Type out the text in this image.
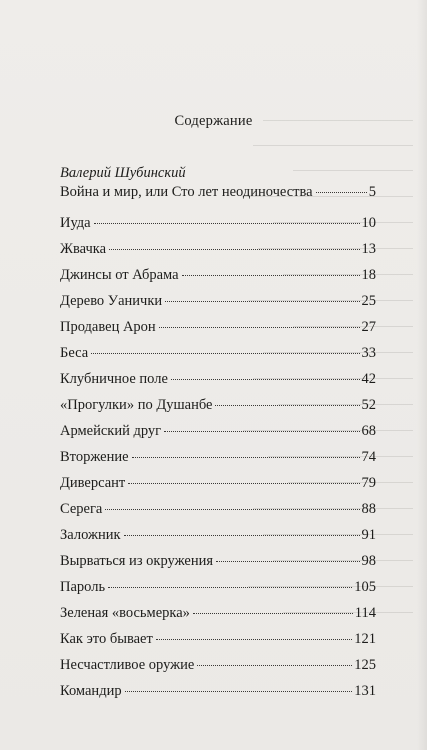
Содержание
Валерий Шубинский
Война и мир, или Сто лет неодиночества	5
Иуда	10
Жвачка	13
Джинсы от Абрама	18
Дерево Уанички	25
Продавец Арон	27
Беса	33
Клубничное поле	42
«Прогулки» по Душанбе	52
Армейский друг	68
Вторжение	74
Диверсант	79
Серега	88
Заложник	91
Вырваться из окружения	98
Пароль	105
Зеленая «восьмерка»	114
Как это бывает	121
Несчастливое оружие	125
Командир	131
